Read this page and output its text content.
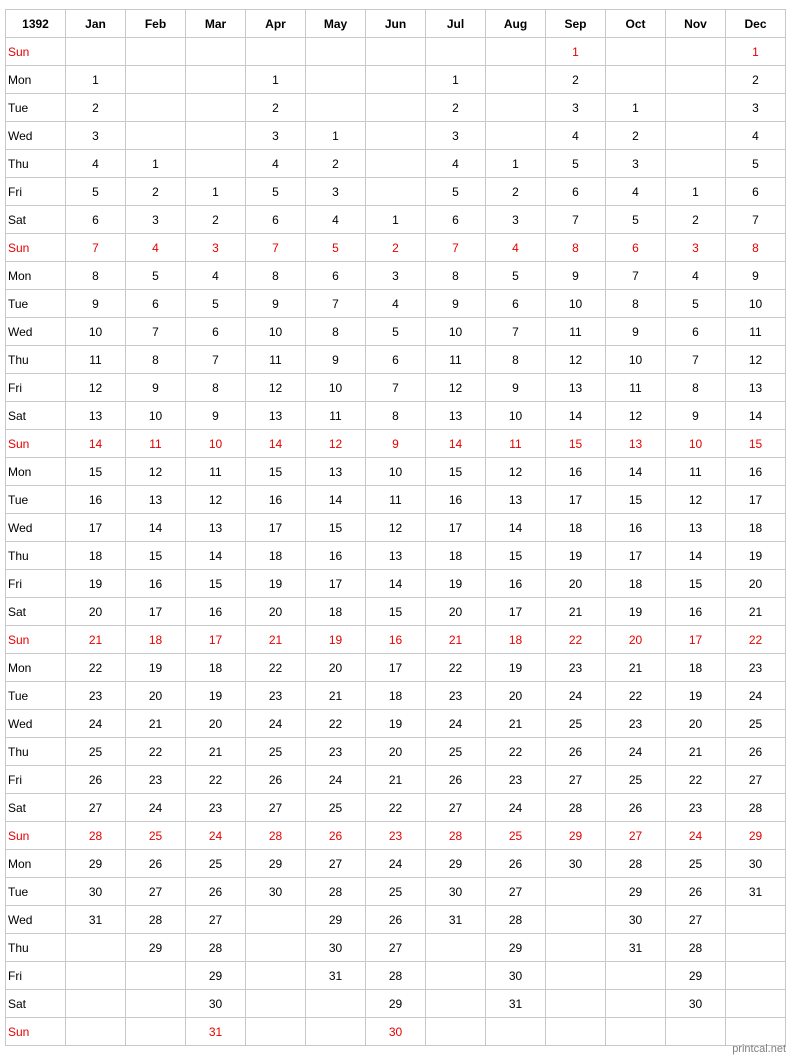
1392	Jan	Feb	Mar	Apr	May	Jun	Jul	Aug	Sep	Oct	Nov	Dec
Sun									1			1
Mon	1			1			1		2			2
Tue	2			2			2		3	1		3
Wed	3			3	1		3		4	2		4
Thu	4	1		4	2		4	1	5	3		5
Fri	5	2	1	5	3		5	2	6	4	1	6
Sat	6	3	2	6	4	1	6	3	7	5	2	7
Sun	7	4	3	7	5	2	7	4	8	6	3	8
Mon	8	5	4	8	6	3	8	5	9	7	4	9
Tue	9	6	5	9	7	4	9	6	10	8	5	10
Wed	10	7	6	10	8	5	10	7	11	9	6	11
Thu	11	8	7	11	9	6	11	8	12	10	7	12
Fri	12	9	8	12	10	7	12	9	13	11	8	13
Sat	13	10	9	13	11	8	13	10	14	12	9	14
Sun	14	11	10	14	12	9	14	11	15	13	10	15
Mon	15	12	11	15	13	10	15	12	16	14	11	16
Tue	16	13	12	16	14	11	16	13	17	15	12	17
Wed	17	14	13	17	15	12	17	14	18	16	13	18
Thu	18	15	14	18	16	13	18	15	19	17	14	19
Fri	19	16	15	19	17	14	19	16	20	18	15	20
Sat	20	17	16	20	18	15	20	17	21	19	16	21
Sun	21	18	17	21	19	16	21	18	22	20	17	22
Mon	22	19	18	22	20	17	22	19	23	21	18	23
Tue	23	20	19	23	21	18	23	20	24	22	19	24
Wed	24	21	20	24	22	19	24	21	25	23	20	25
Thu	25	22	21	25	23	20	25	22	26	24	21	26
Fri	26	23	22	26	24	21	26	23	27	25	22	27
Sat	27	24	23	27	25	22	27	24	28	26	23	28
Sun	28	25	24	28	26	23	28	25	29	27	24	29
Mon	29	26	25	29	27	24	29	26	30	28	25	30
Tue	30	27	26	30	28	25	30	27		29	26	31
Wed	31	28	27		29	26	31	28		30	27	
Thu		29	28		30	27		29		31	28	
Fri			29		31	28		30			29	
Sat			30			29		31			30	
Sun			31			30						
printcal.net
